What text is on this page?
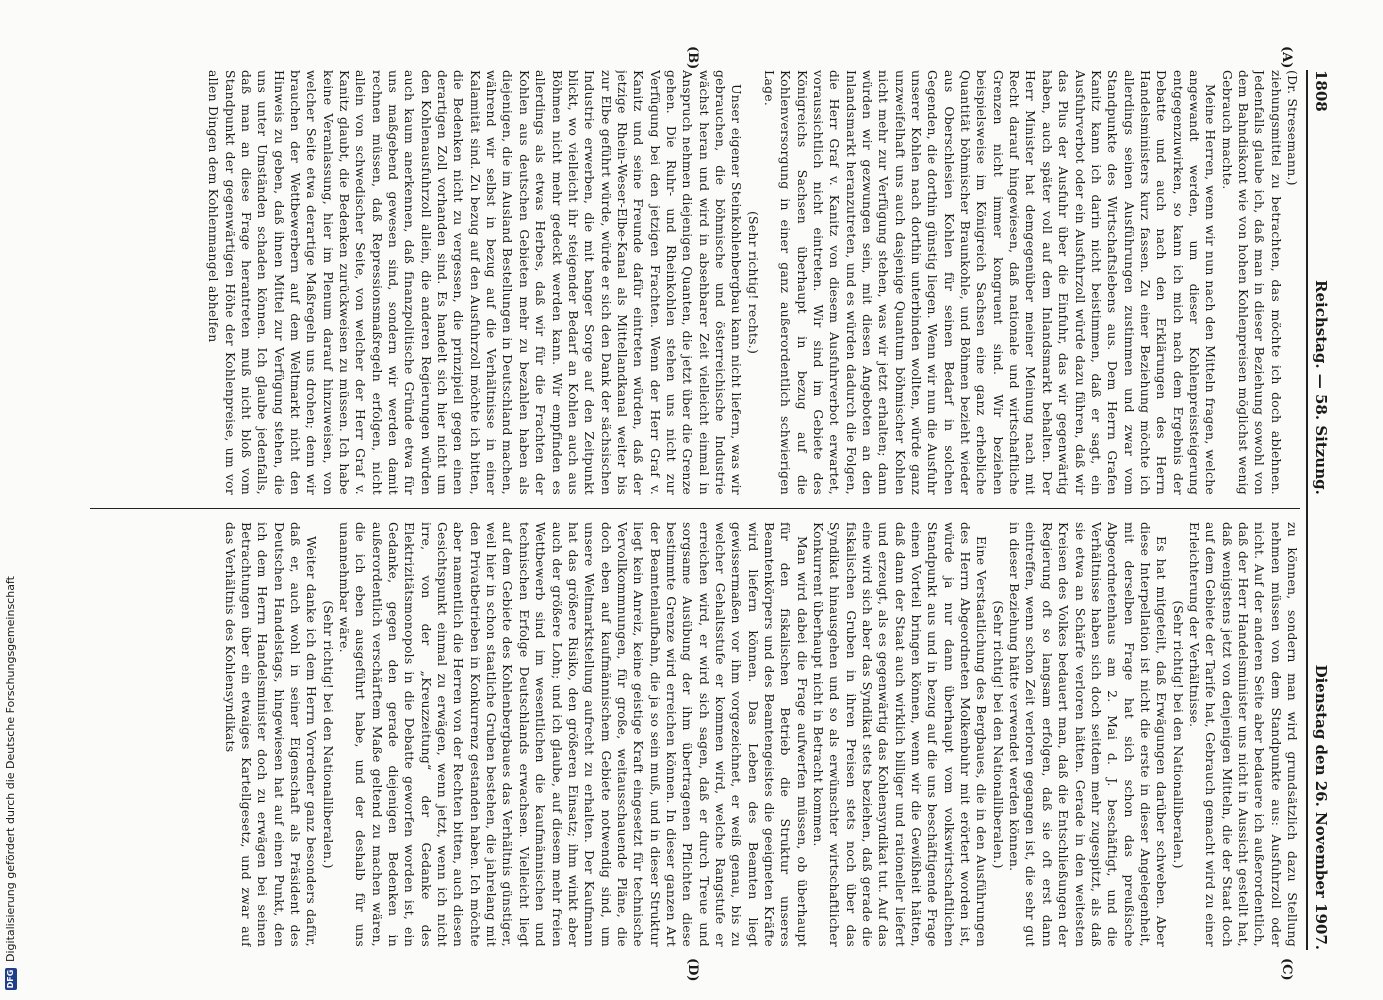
1808
Reichstag. — 58. Sitzung.
Dienstag den 26. November 1907.
(A)
(B)
(C)
(D)

(Dr. Stresemann.)

ziehungsmittel zu betrachten, das möchte ich doch ablehnen. Jedenfalls glaube ich, daß man in dieser Beziehung sowohl von dem Bahndiskont wie von hohen Kohlenpreisen möglichst wenig Gebrauch machte.

Meine Herren, wenn wir nun nach den Mitteln fragen, welche angewandt werden, um dieser Kohlenpreissteigerung entgegenzuwirken, so kann ich mich nach dem Ergebnis der Debatte und auch nach den Erklärungen des Herrn Handelsministers kurz fassen. Zu einer Beziehung möchte ich allerdings seinen Ausführungen zustimmen und zwar vom Standpunkte des Wirtschaftslebens aus. Dem Herrn Grafen Kanitz kann ich darin nicht beistimmen, daß er sagt, ein Ausfuhrverbot oder ein Ausfuhrzoll würde dazu führen, daß wir das Plus der Ausfuhr über die Einfuhr, das wir gegenwärtig haben, auch später voll auf dem Inlandsmarkt behalten. Der Herr Minister hat demgegenüber meiner Meinung nach mit Recht darauf hingewiesen, daß nationale und wirtschaftliche Grenzen nicht immer kongruent sind. Wir beziehen beispielsweise im Königreich Sachsen eine ganz erhebliche Quantität böhmischer Braunkohle, und Böhmen bezieht wieder aus Oberschlesien Kohlen für seinen Bedarf in solchen Gegenden, die dorthin günstig liegen. Wenn wir nun die Ausfuhr unserer Kohlen nach dorthin unterbinden wollten, würde ganz unzweifelhaft uns auch dasjenige Quantum böhmischer Kohlen nicht mehr zur Verfügung stehen, was wir jetzt erhalten; dann würden wir gezwungen sein, mit diesen Angeboten an den Inlandsmarkt heranzutreten, und es würden dadurch die Folgen, die Herr Graf v. Kanitz von diesem Ausfuhrverbot erwartet, voraussichtlich nicht eintreten. Wir sind im Gebiete des Königreichs Sachsen überhaupt in bezug auf die Kohlenversorgung in einer ganz außerordentlich schwierigen Lage.

(Sehr richtig! rechts.)

Unser eigener Steinkohlenbergbau kann nicht liefern, was wir gebrauchen, die böhmische und österreichische Industrie wächst heran und wird in absehbarer Zeit vielleicht einmal in Anspruch nehmen diejenigen Quanten, die jetzt über die Grenze gehen. Die Ruhr- und Rheinkohlen stehen uns nicht zur Verfügung bei den jetzigen Frachten. Wenn der Herr Graf v. Kanitz und seine Freunde dafür eintreten würden, daß der jetzige Rhein-Weser-Elbe-Kanal als Mittellandkanal weiter bis zur Elbe geführt würde, würde er sich den Dank der sächsischen Industrie erwerben, die mit banger Sorge auf den Zeitpunkt blickt, wo vielleicht ihr steigender Bedarf an Kohlen auch aus Böhmen nicht mehr gedeckt werden kann. Wir empfinden es allerdings als etwas Herbes, daß wir für die Frachten der Kohlen aus deutschen Gebieten mehr zu bezahlen haben als diejenigen, die im Ausland Bestellungen in Deutschland machen, während wir selbst in bezug auf die Verhältnisse in einer Kalamität sind. Zu bezug auf den Ausfuhrzoll möchte ich bitten, die Bedenken nicht zu vergessen, die prinzipiell gegen einen derartigen Zoll vorhanden sind. Es handelt sich hier nicht um den Kohlenausfuhrzoll allein, die anderen Regierungen würden auch kaum anerkennen, daß finanzpolitische Gründe etwa für uns maßgebend gewesen sind, sondern wir werden damit rechnen müssen, daß Repressionsmaßregeln erfolgen, nicht allein von schwedischer Seite, von welcher der Herr Graf v. Kanitz glaubt, die Bedenken zurückweisen zu müssen. Ich habe keine Veranlassung, hier im Plenum darauf hinzuweisen, von welcher Seite etwa derartige Maßregeln uns drohen; denn wir brauchen der Wettbewerbern auf dem Weltmarkt nicht den Hinweis zu geben, daß ihnen Mittel zur Verfügung stehen, die uns unter Umständen schaden können. Ich glaube jedenfalls, daß man an diese Frage herantreten muß nicht bloß vom Standpunkt der gegenwärtigen Höhe der Kohlenpreise, um vor allen Dingen dem Kohlenmangel abhelfen

zu können, sondern man wird grundsätzlich dazu Stellung nehmen müssen von dem Standpunkte aus: Ausfuhrzoll oder nicht. Auf der anderen Seite aber bedauere ich außerordentlich, daß der Herr Handelsminister uns nicht in Aussicht gestellt hat, daß wenigstens jetzt von denjenigen Mitteln, die der Staat doch auf dem Gebiete der Tarife hat, Gebrauch gemacht wird zu einer Erleichterung der Verhältnisse.

(Sehr richtig! bei den Nationalliberalen.)

Es hat mitgeteilt, daß Erwägungen darüber schweben. Aber diese Interpellation ist nicht die erste in dieser Angelegenheit, mit derselben Frage hat sich schon das preußische Abgeordnetenhaus am 2. Mai d. J. beschäftigt, und die Verhältnisse haben sich doch seitdem mehr zugespitzt, als daß sie etwa an Schärfe verloren hätten. Gerade in den weitesten Kreisen des Volkes bedauert man, daß die Entschließungen der Regierung oft so langsam erfolgen, daß sie oft erst dann eintreffen, wenn schon Zeit verloren gegangen ist, die sehr gut in dieser Beziehung hätte verwendet werden können.

(Sehr richtig! bei den Nationalliberalen.)

Eine Verstaatlichung des Bergbaues, die in den Ausführungen des Herrn Abgeordneten Molkenbuhr mit erörtert worden ist, würde ja nur dann überhaupt vom volkswirtschaftlichen Standpunkt aus und in bezug auf die uns beschäftigende Frage einen Vorteil bringen können, wenn wir die Gewißheit hätten, daß dann der Staat auch wirklich billiger und rationeller liefert und erzeugt, als es gegenwärtig das Kohlensyndikat tut. Auf das eine wird sich aber das Syndikat stets beziehen, daß gerade die fiskalischen Gruben in ihren Preisen stets noch über das Syndikat hinausgehen und so als erwünschter wirtschaftlicher Konkurrent überhaupt nicht in Betracht kommen.

Man wird dabei die Frage aufwerfen müssen, ob überhaupt für den fiskalischen Betrieb die Struktur unseres Beamtenkörpers und des Beamtengeistes die geeigneten Kräfte wird liefern können. Das Leben des Beamten liegt gewissermaßen vor ihm vorgezeichnet, er weiß genau, bis zu welcher Gehaltsstufe er kommen wird, welche Rangstufe er erreichen wird, er wird sich sagen, daß er durch Treue und sorgsame Ausübung der ihm übertragenen Pflichten diese bestimmte Grenze wird erreichen können. In dieser ganzen Art der Beamtenlaufbahn, die ja so sein muß, und in dieser Struktur liegt kein Anreiz, keine geistige Kraft eingesetzt für technische Vervollkommnungen, für große, weitausschauende Pläne, die doch eben auf kaufmännischem Gebiete notwendig sind, um unsere Weltmarktstellung aufrecht zu erhalten. Der Kaufmann hat das größere Risiko, den größeren Einsatz; ihm winkt aber auch der größere Lohn; und ich glaube, auf diesem mehr freien Wettbewerb sind im wesentlichen die kaufmännischen und technischen Erfolge Deutschlands erwachsen. Vielleicht liegt auf dem Gebiete des Kohlenbergbaues das Verhältnis günstiger, weil hier in schon staatliche Gruben bestehen, die jahrelang mit den Privatbetrieben in Konkurrenz gestanden haben. Ich möchte aber namentlich die Herren von der Rechten bitten, auch diesen Gesichtspunkt einmal zu erwägen, wenn jetzt, wenn ich nicht irre, von der „Kreuzzeitung“ der Gedanke des Elektrizitätsmonopols in die Debatte geworfen worden ist, ein Gedanke, gegen den gerade diejenigen Bedenken in außerordentlich verschärftem Maße geltend zu machen wären, die ich eben ausgeführt habe, und der deshalb für uns unannehmbar wäre.

(Sehr richtig! bei den Nationalliberalen.)

Weiter danke ich dem Herrn Vorredner ganz besonders dafür, daß er, auch wohl in seiner Eigenschaft als Präsident des Deutschen Handelstags, hingewiesen hat auf einen Punkt, den ich dem Herrn Handelsminister doch zu erwägen bei seinen Betrachtungen über ein etwaiges Kartellgesetz, und zwar auf das Verhältnis des Kohlensyndikats

DFG
Digitalisierung gefördert durch die Deutsche Forschungsgemeinschaft
